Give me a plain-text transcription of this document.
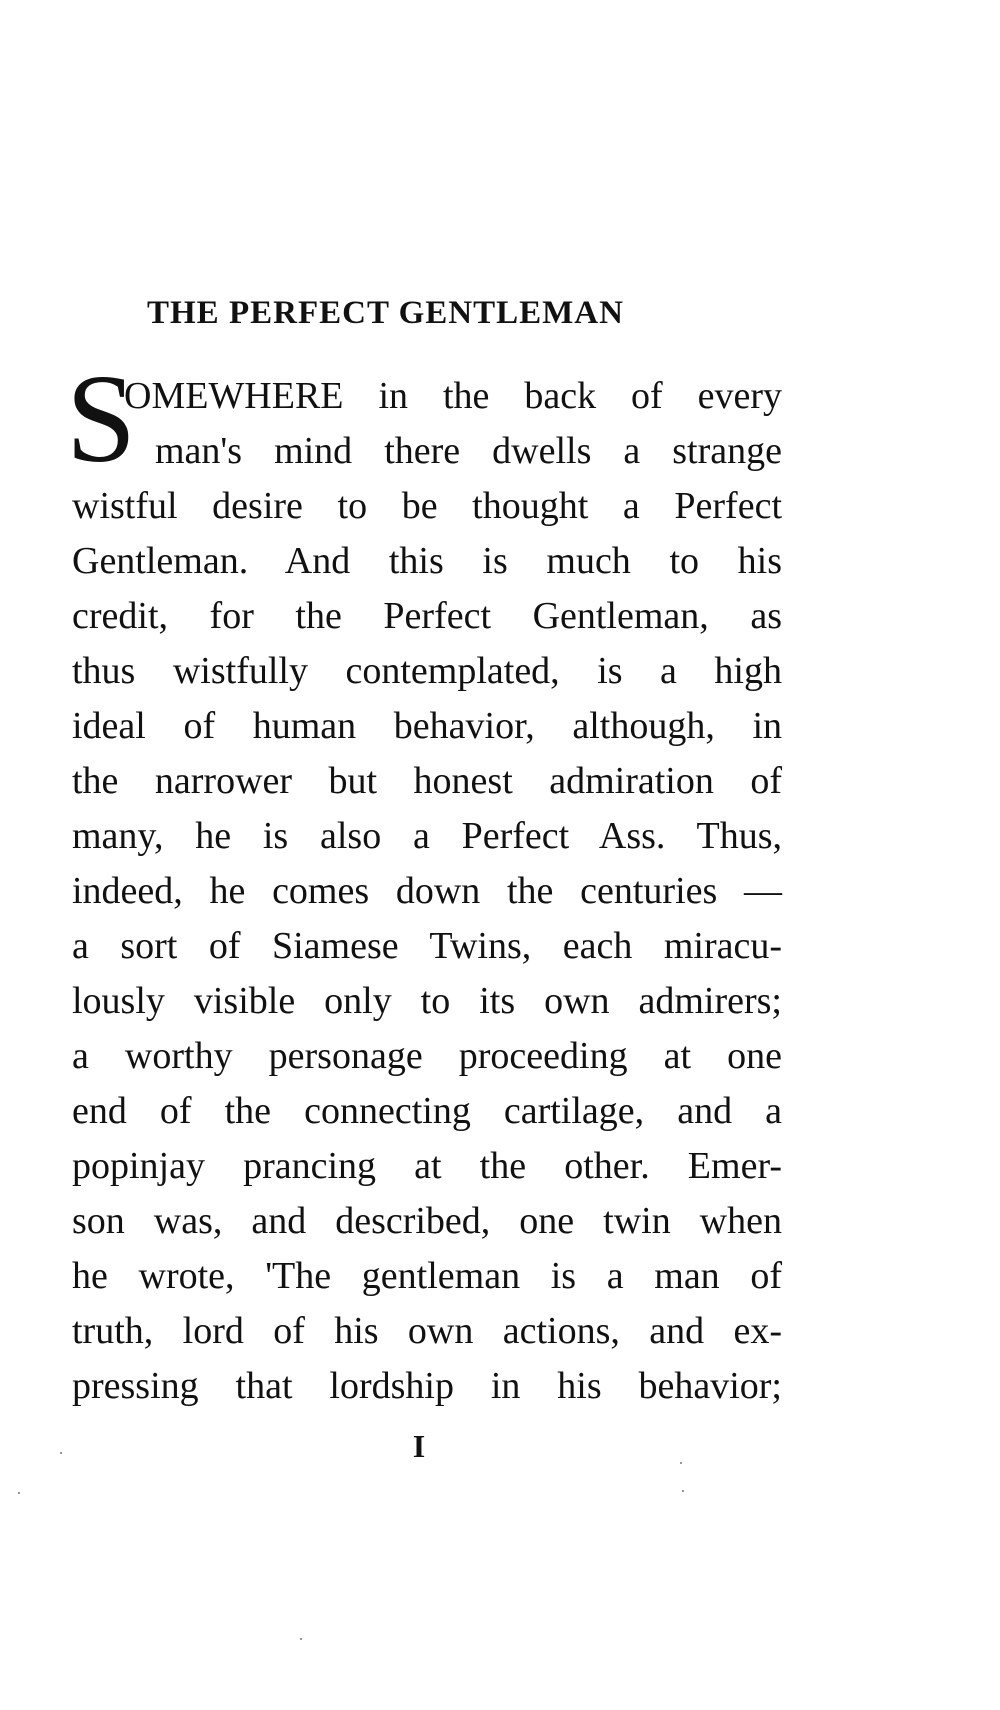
THE PERFECT GENTLEMAN
S
OMEWHERE in the back of every
man's mind there dwells a strange
wistful desire to be thought a Perfect
Gentleman. And this is much to his
credit, for the Perfect Gentleman, as
thus wistfully contemplated, is a high
ideal of human behavior, although, in
the narrower but honest admiration of
many, he is also a Perfect Ass. Thus,
indeed, he comes down the centuries —
a sort of Siamese Twins, each miracu-
lously visible only to its own admirers;
a worthy personage proceeding at one
end of the connecting cartilage, and a
popinjay prancing at the other. Emer-
son was, and described, one twin when
he wrote, 'The gentleman is a man of
truth, lord of his own actions, and ex-
pressing that lordship in his behavior;
I
